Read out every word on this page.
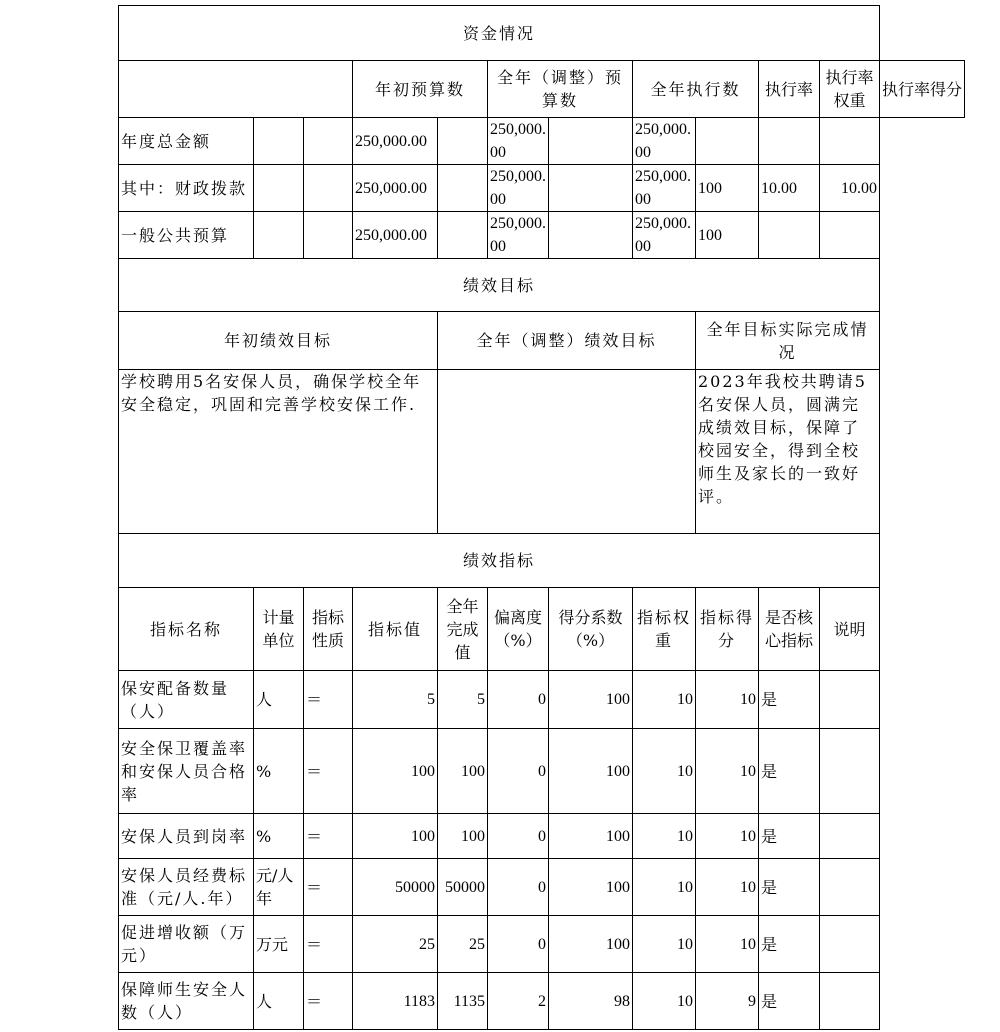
资金情况											
			年初预算数		全年（调整）预算数		全年执行数		执行率	执行率权重	执行率得分
年度总金额			250,000.00		250,000.00		250,000.00				
其中：财政拨款			250,000.00		250,000.00		250,000.00	100	10.00	10.00	
一般公共预算			250,000.00		250,000.00		250,000.00	100			
绩效目标											
年初绩效目标				全年（调整）绩效目标				全年目标实际完成情况			
学校聘用5名安保人员，确保学校全年安全稳定，巩固和完善学校安保工作.								2023年我校共聘请5名安保人员，圆满完成绩效目标，保障了校园安全，得到全校师生及家长的一致好评。			
绩效指标											
指标名称	计量单位	指标性质	指标值	全年完成值	偏离度（%）	得分系数（%）	指标权重	指标得分	是否核心指标	说明	
保安配备数量（人）	人	＝	5	5	0	100	10	10	是		
安全保卫覆盖率和安保人员合格率	%	＝	100	100	0	100	10	10	是		
安保人员到岗率	%	＝	100	100	0	100	10	10	是		
安保人员经费标准（元/人.年）	元/人年	＝	50000	50000	0	100	10	10	是		
促进增收额（万元）	万元	＝	25	25	0	100	10	10	是		
保障师生安全人数（人）	人	＝	1183	1135	2	98	10	9	是		
